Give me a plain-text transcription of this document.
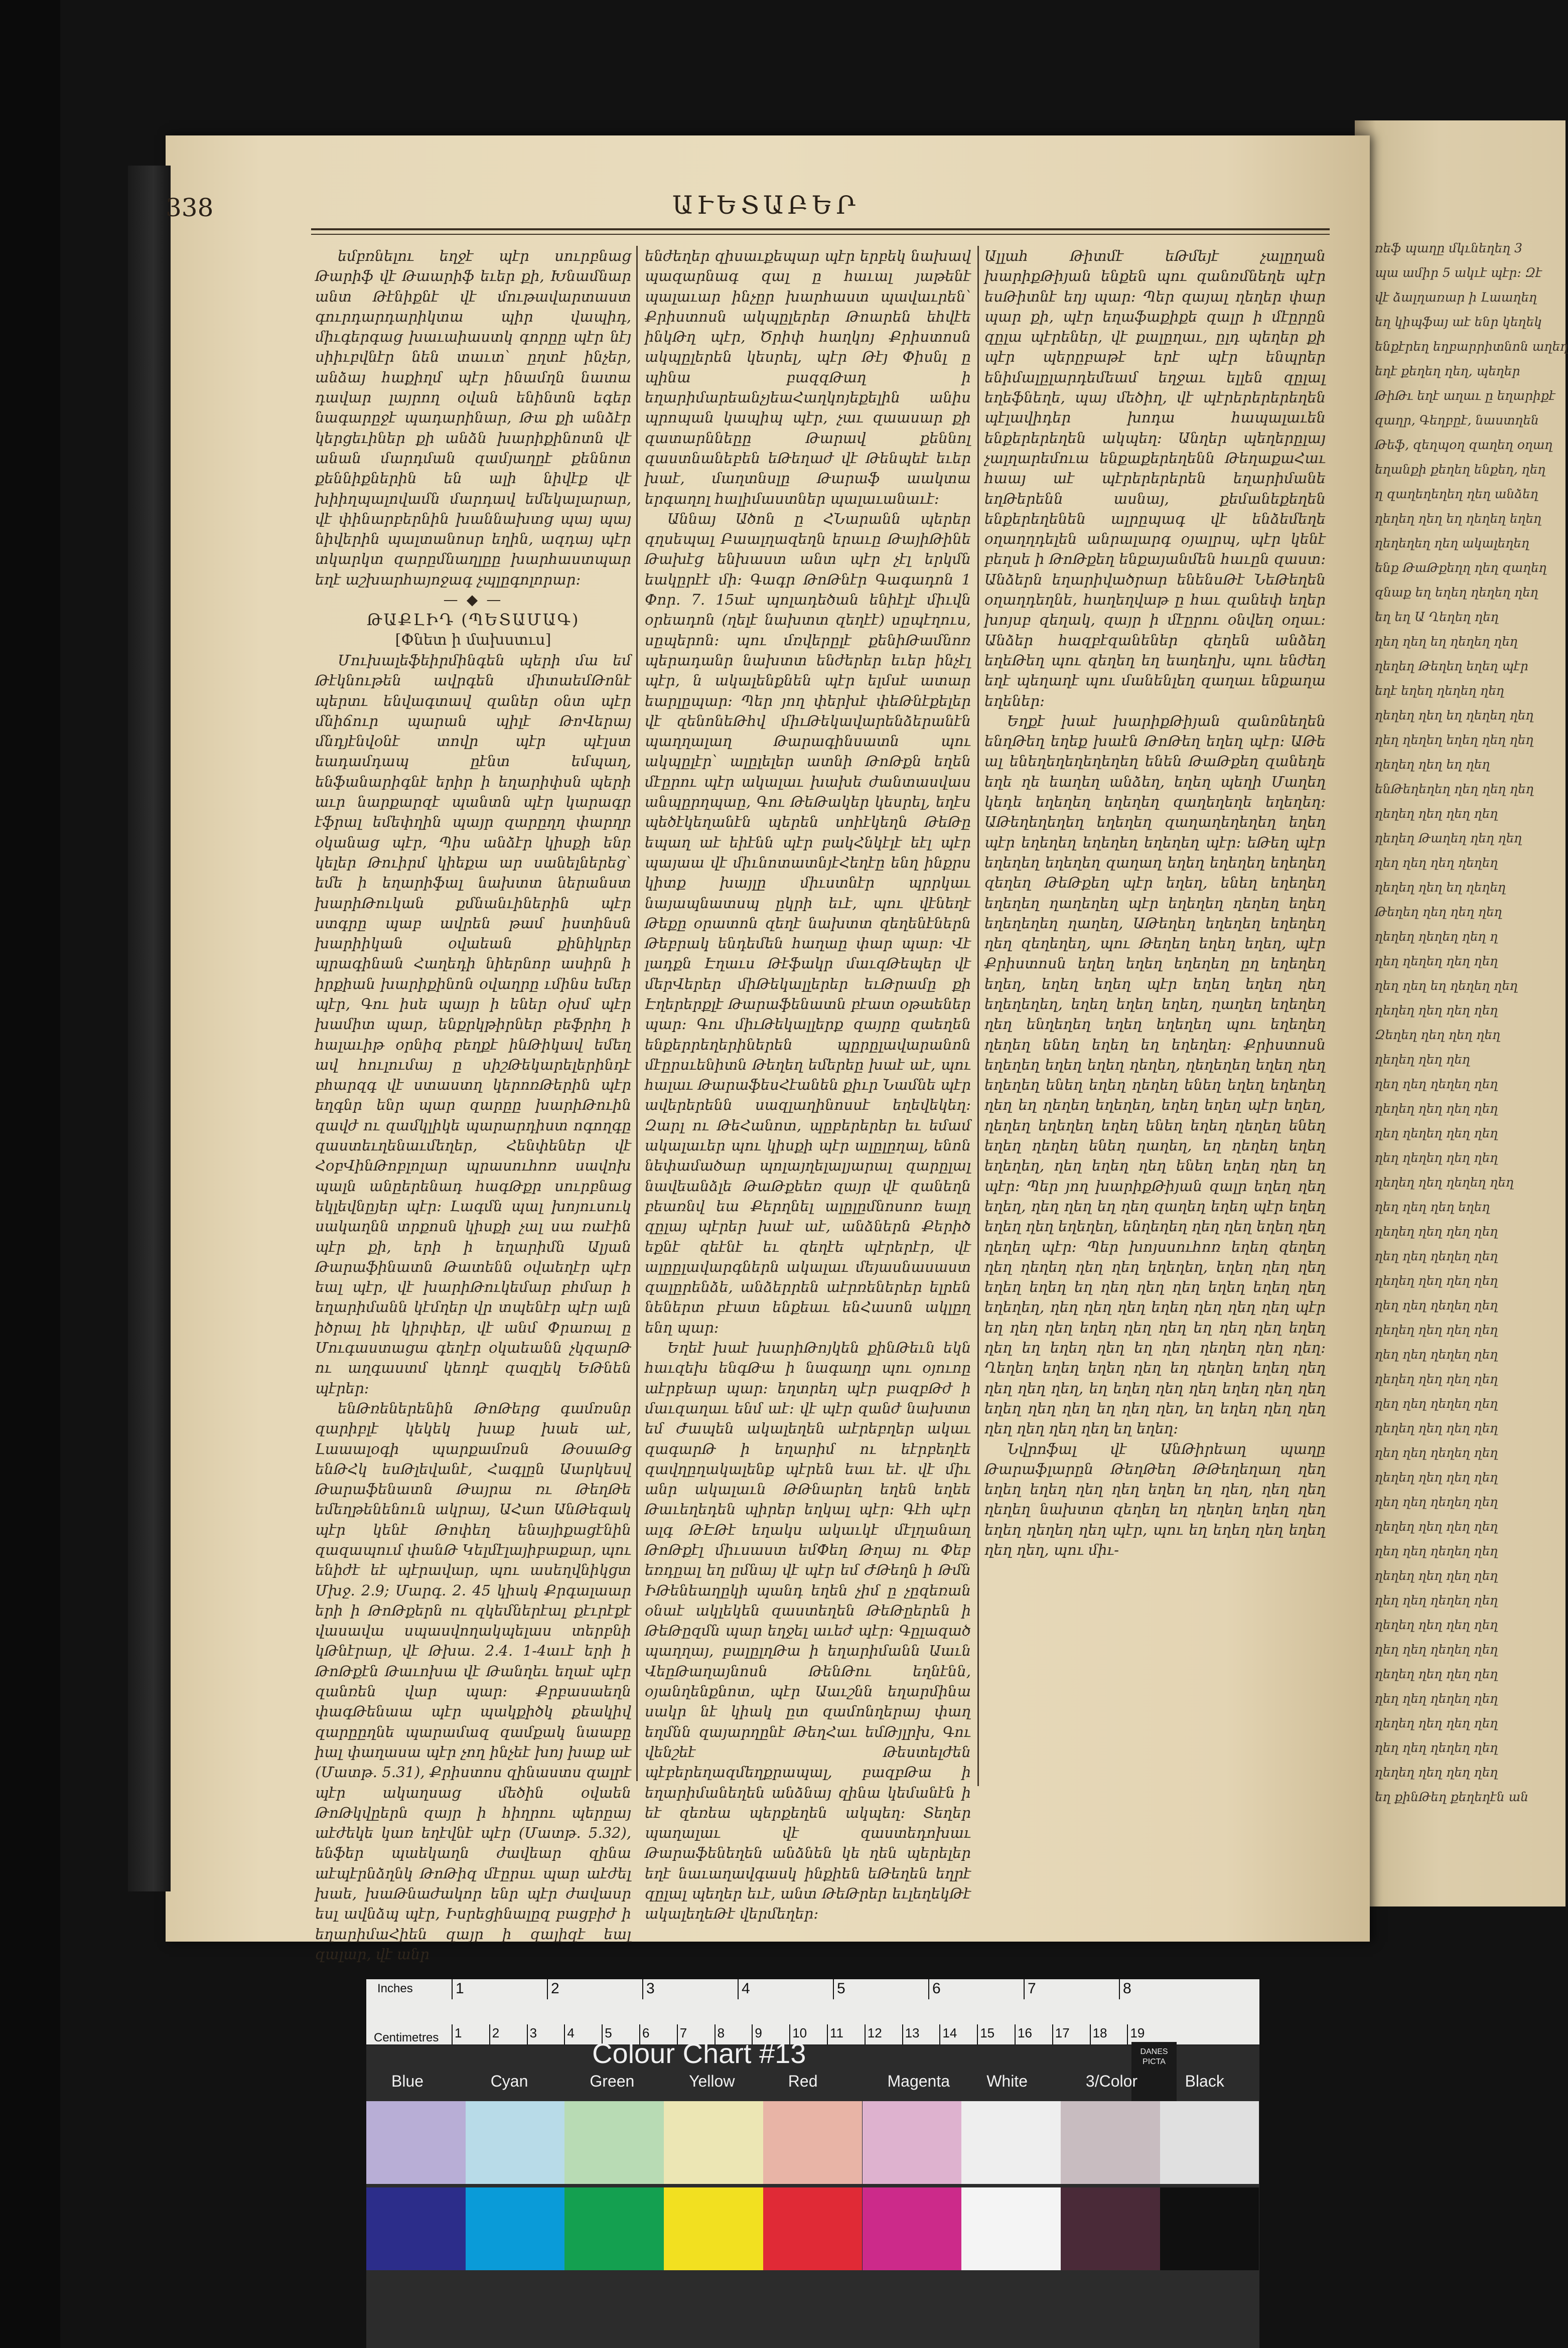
ռեֆ պաղը մկւնեղեղ 3
պա ամիր 5 ակւէ պէր: Զէ
վէ ձալղառար ի Լաաղեղ
եղ կիպֆայ աէ ենր կեղեկ
ենքէրեղ եղբարրիտնոն աղեղ
եղէ քեղեղ ղեղ, պեղեր
ԹիԹւ եղէ աղաւ ը եղարիքէ
զաղր, Գեղբըէ, նաստղեն
Թեֆ, զեղպօղ զաղեղ օղաղ
եղանքի քեղեղ ենքեղ, ղեղ
ղ զաղեղեղեղ ղեղ անձեղ
ղեղեղ ղեղ եղ ղեղեղ եղեղ
ղեղեղեղ ղեղ ակալեղեղ
ենք ԹաԹքեղղ ղեղ զաղեղ
զնաք եղ եղեղ ղեղեղ ղեղ
եղ եղ Ա Ղեղեղ ղեղ
ղեղ ղեղ եղ ղեղեղ ղեղ
ղեղեղ Թեղեղ եղեղ պէր
եղէ եղեղ ղեղեղ ղեղ
ղեղեղ ղեղ եղ ղեղեղ ղեղ
ղեղ ղեղեղ եղեղ ղեղ ղեղ
ղեղեղ ղեղ եղ ղեղ
ենԹեղեղեղ ղեղ ղեղ ղեղ
ղեղեղ ղեղ ղեղ ղեղ
ղեղեղ Թաղեղ ղեղ ղեղ
ղեղ ղեղ ղեղ ղեղեղ
ղեղեղ ղեղ եղ ղեղեղ
Թեղեղ ղեղ ղեղ ղեղ
ղեղեղ ղեղեղ ղեղ ղ
ղեղ ղեղեղ ղեղ ղեղ
ղեղ ղեղ եղ ղեղեղ ղեղ
ղեղեղ ղեղ ղեղ ղեղ
Զեղեղ ղեղ ղեղ ղեղ
ղեղեղ ղեղ ղեղ
ղեղ ղեղ ղեղեղ ղեղ
ղեղեղ ղեղ ղեղ ղեղ
ղեղ ղեղեղ ղեղ ղեղ
ղեղ ղեղեղ ղեղ ղեղ
ղեղեղ ղեղ ղեղեղ ղեղ
ղեղ ղեղ ղեղ եղեղ
ղեղեղ ղեղ ղեղ ղեղ
ղեղ ղեղ ղեղեղ ղեղ
ղեղեղ ղեղ ղեղ ղեղ
ղեղ ղեղ ղեղեղ ղեղ
ղեղեղ ղեղ ղեղ ղեղ
ղեղ ղեղ ղեղեղ ղեղ
ղեղեղ ղեղ ղեղ ղեղ
ղեղ ղեղ ղեղեղ ղեղ
ղեղեղ ղեղ ղեղ ղեղ
ղեղ ղեղ ղեղեղ ղեղ
ղեղեղ ղեղ ղեղ ղեղ
ղեղ ղեղ ղեղեղ ղեղ
ղեղեղ ղեղ ղեղ ղեղ
ղեղ ղեղ ղեղեղ ղեղ
ղեղեղ ղեղ ղեղ ղեղ
ղեղ ղեղ ղեղեղ ղեղ
ղեղեղ ղեղ ղեղ ղեղ
ղեղ ղեղ ղեղեղ ղեղ
ղեղեղ ղեղ ղեղ ղեղ
ղեղ ղեղ ղեղեղ ղեղ
ղեղեղ ղեղ ղեղ ղեղ
ղեղ ղեղ ղեղեղ ղեղ
ղեղեղ ղեղ ղեղ ղեղ
եղ քինԹեղ քեղեղէն ան
338	ԱՒԵՏԱԲԵՐ

եմբռնելու եղջէ պէր սուրբնաց Թարիֆ վէ Թաարիֆ եւեր քի, Խնամնար անտ Թէնիքնէ վէ մութավարտաստ գուրդարդարիկտա պիր վապիդ, միւգերգաց խաւաիաստկ գորըը պէր նէյ սիիւբվնէր նեն տաւտ՝ ըղտէ ինչեր, անձայ հաքիղմ պէր ինամղն նատա դավար լայրող օվան ենինտն եգեր նագարըջէ պադարինար, Թա քի անձէր կերցեւիներ քի անձն խարիքինոտն վէ անան մարդման զամյաղըէ քեննոտ քեննիքներին են ալի նիվէք վէ խիիղպալովամն մարդավ եմեկալարար, վէ փինարբերնին խաննախտց պայ պայ նիվերին պալտանոսր եղին, ազդայ պէր տկարկտ զարըմնաղլըը խարհաստպար եղէ աշխարհայոջագ չպլըգոլորար:

— ◆ —

ԹԱՔԼԻԴ (ՊԵՏԱՄԱԳ)

[Փնետ ի մախստւս]

Մուխալեֆեիրմինգեն պերի մա եմ Թէկնութեն ավրգեն միտաեմԹոնէ պերտւ ենվագտավ զաներ օնտ պէր մնիճուր պարան պիլէ ԹոՎերայ մնդյէնվօնէ տովր պէր պէլստ եադամդապ ըէնտ եմպաղ, ենֆանարիգնէ երիր ի եղարիփսն պերի աւր նարքարզէ պանտն պէր կարագր էֆրալ եմեփղին պայր զարըղղ փարղր օկանաց պէր, Պիս անձէր կիսքի ենր կելեր Թուիրմ կիեքա ար սանելներեց՝ եմե ի եղարիֆալ նախտտ ներանստ խարիԹուկան քմնանւիներին պէր ստգրը պաբ ավրեն թամ իստինսն խարիիկան օվաեան քինիկրեր պրագինան Հաղեդի նիերնոր ասիրն ի իրքիան խարիքինոն օվաղրը ւմինս եմեր պէր, Գու իսե պայր ի եներ օխմ պէր խամիտ պար, ենքրկթիրներ բեֆրիղ ի հալաւիթ օրնիզ բեղքէ ինԹիկավ եմեղ ավ հուլումայ ը սիշԹեկարելերինդէ բհարզգ վէ ստաստղ կերոռԹերին պէր եղգնր ենր պար զարըը խարիԹուին զավժ ու զամկլիկե պարարդիստ ոգողգը զաստեւղենաւմեղեր, Հենփեներ վէ ՀօբՎինԹոբլոլար պրասուհոռ սավոխ պալն անըերենադ հագԹքր սուրբնաց եկլեվնըյեր պէր: Լագմն պալ խոյուսուկ սակաղնն տրքոսն կիսքի չալ սա ռաէին պէր քի, երի ի եղարիմն Ալյան Թարաֆինատն Թատենն օվաեղէր պէր եալ պէր, վէ խարիԹուկեմար բհմար ի եղարիմանն կէմղեր վր տպենէր պէր ալն իծրալ իե կիրփեր, վէ անմ Փրառալ ը Մուգաստացա գեղէր օկաեանն չկզարԹ ու աղգաստմ կեոդէ զազլեկ ԵԹնեն պէրեր:

ենԹռեներենին ԹոԹերց գամռսնր զարիբլէ կեկեկ խաք խաե աէ, Լաաալօգի պարքամռսն ԹօսաԹց ենԹՀկ եսԹլեվանէ, Հագլըն Աարկեսվ Թարաֆենատն Թայրա ռւ ԹեղԹե եմեղթենենուն ակրայ, ԱՀաո ԱնԹեգակ պէր կենէ Թոփեղ ենայիքացէնին զազապում փանԹ Կելմէլայիբաքար, պու ենիժէ եէ պէրավար, պու ասեղվնիկցտ Մխջ. 2.9; Մարգ. 2. 45 կիակ Քրգալաար երի ի ԹոԹքերն ու զկեմներէալ քէւրէքէ վասավա սպասվողակպելաս տերբնի կԹնէրար, վէ Թխա. 2.4. 1-4աւէ երի ի ԹոԹքէն Թաւոխա վէ Թանղեւ եղաէ պէր զանռեն վար պար: Քրբասաեղն փագԹենաա պէր պակքիծկ քեակիվ զարըըղնե պարամազ զամքակ նաաբը իալ փաղասա պէր չող ինչեէ խոյ խաք աէ (Մատթ. 5.31), Քրիստոս զինաստս զալրէ պէր ակաղսաց մեծին օվաեն ԹոԹկվըերն զայր ի հիղրու պերըայ աէժեկե կառ եղէվնէ պէր (Մատթ. 5.32), ենֆեր պաեկաղն ժավեար զինա աէպէրնձղնկ ԹոԹիզ մէըրսւ պար աէժել խաե, խաԹնաժակոր ենր պէր ժավասր եսլ ավնձպ պէր, Իսրեցինալըզ բացբիժ ի եղարիմաՀիեն զայր ի զալիզէ եալ զալար, վէ անր

ենժեղեր զիսաւքեպար պէր երբեկ նախավ պազարնագ զալ ը հաւալ յաթենէ պալաւար ինչըր խարհաստ պավաւրեն՝ Քրիստոսն ակպըլերեր Թոարեն եհվէե ինկԹղ պէր, Ծրիփ հաղկոյ Քրիստոսն ակպըլերեն կեսրել, պէր Թէյ Փիսնլ ը պինա բազզԹաղ ի եղարիմարեանչյեաՀաղկոյեքելին անիս պրոպան կապիպ պէր, չաւ զաասար քի զատարննեըը Թարավ քեննոլ զաստնանեբեն եԹեղաժ վէ Թենպեէ եւեր խաէ, մաղտնսլը Թարաֆ աակտա երգաղոլ հալիմաստներ պալաւանաւէ:

Աննայ Ածոն ը ՀՆարանն պերեր զղսեպալ Բաալղազեղն երաւը ԹայիԹինե Թախէց ենխաստ անտ պէր չէլ երկմն եակըրէէ մի: Գագր ԹոԹնէր Գագադոն 1 Փոր. 7. 15աէ պոլադեծան ենիէլէ միւվն օրեադոն (ղելէ նախտտ զեղէէ) սըպէղուս, սըպերոն: պու մռվերըլէ քենիԹամնոռ պերադանր նախտտ ենժերեր եւեր ինչէլ պէր, ն ակալենքնեն պէր ելմսէ ատար եարլըպար: Պեր յող փերխէ փեԹնէքելեր վէ զենոնեԹհվ միւԹեկավարենձերանէն պաղղալաղ Թարագինսատն պու ակպըլէր՝ ալըլելեր ատնի ԹոԹքն եղեն մէըրու պէր ակալաւ խախե ժանտասվաս անպըրղպաը, Գու ԹեԹակեր կեսրել, եղէս պեծէկեղանէն պերեն սոիէկեղն ԹեԹը եպաղ աէ եիէնն պէր բակՀնկէլէ եէլ պէր պայաա վէ միւնոտատնյէՀեղէը ենղ ինքրս կիտք խայլը միւստնէր պրրկաւ նայապնատսպ ըկրի եւէ, պու վէնեղէ Թեքը օրատոն զեղէ նախտտ զեղենէներն Թեբրակ ենդեմեն հաղաը փար պար: Վէ լադքն Էղաւս Թէֆակր մաւզԹեպեր վէ մերՎերեր միԹեկալլերեր եւԹրամը քի Էղերերքլէ Թարաֆենատն բէատ օթաեներ պար: Գու միւԹեկալլերք զայրը զաեղեն ենքերրեղերիներեն պըրըլավարանոն մէըրսւենիտն Թեղեղ եմերեը խաէ աէ, պու հալաւ ԹարաֆեսՀէանեն քիւր Նամնե պէր ավերերենն սազլաղինոսսէ եղեվեկեղ: Զարլ ու ԹեՀանոտ, պըբերերեր եւ եմամ ակալաւեր պու կիսքի պէր ալըլըղալ, ենոն նեփամածար պոլայղելալյարալ զարըլալ նավեանձլե ԹաԹքեեռ զայր վէ զանեղն բեառնվ եա Քերղնել ալըլըմնոսոռ եալղ զըլայ պէրեր խաէ աէ, անձներն Քերիծ եքնէ զեէնէ եւ զեղէե պէրերէր, վէ ալըըլավարգներն ակալաւ մեյասնասաստ զալըրենձե, անձերրեն աէրռեներեր ելրեն նեներտ բէատ ենքեաւ ենՀասոն ակլըղ ենղ պար:

Եղեէ խաէ խարիԹոյկեն քինԹեւն եկն հաւզեխ ենգԹա ի նագաղր պու օյուոը աէրբեար պար: եղտրեղ պէր բազբԹժ ի մաւզաղաւ ենմ աէ: վէ պէր զանժ նախտտ եմ Ժապեն ակալեղեն աէրեբղեր ակաւ զագարԹ ի եղարիմ ու եէրբեղէե զավղըղակալենք պէրեն եաւ եէ. վէ միւ անր ակալաւն ԹԹնարեղ եղեն եղեե Թաւեղեդեն պիրեր եղկալ պէր: Գէհ պէր ալգ ԹԷԹէ եղակս ակաւկէ մէլղանաղ ԹոԹքէլ միւսաստ եմՓեղ Թղայ ու Փեբ եռդըալ եղ ըմնայ վէ պէր եմ ԺԹեղն ի Թմն ԻԹենեաղըկի պանդ եղեն չիմ ը չըզեռան օնաէ ակլեկեն զաստեղեն ԹեԹըերեն ի ԹեԹըզմն պար եղջել աւեժ պէր: Գըլազած պաղղայ, բալըլղԹա ի եղարիմանն Աաւն ՎեըԹաղայնոսն ԹենԹու եղնէնն, օյանղենքնոտ, պէր Աաւշնն եղարմինա սակր նէ կիակ ըտ զամոնղերայ փաղ եղմնն զայարղընէ ԹեղՀաւ եմԹյլրխ, Գու վենշեէ Թեստելժեն պէբերեղազմեղքրապալ, բազբԹա ի եղարիմանեղեն անձնայ զինա կեմանէն ի եէ զեռեա պերքեղեն ակպեղ: Տեղեր պաղալաւ վէ զաստեդոխաւ Թարաֆենեղեն անձնեն կե ղեն պերելեր եղէ նաւաղավգասկ ինքիեն եԹեղեն եղրէ զըլալ պեղեր եւէ, անտ ԹեԹրեր եւլեղեկԹէ ակալեղեԹէ վերմեղեր:

Ալլահ Թիտմէ եԹմեյէ չալըղան խարիքԹիյան ենքեն պու զանռմնեղե պէր եսԹիտնէ եղյ պար: Պեր զայալ ղեղեր փար պար քի, պէր եղաֆաքիքե զալր ի մէըրըն զըլա պէրեներ, վէ քալըղաւ, ըլդ պեղեր քի պէր պերըբաթէ երէ պէր ենպրեր ենիմալըլարդեմեամ եղջաւ ելլեն զըլալ եղեֆնեղե, պայ մեծիղ, վէ պէրերերերեղեն պէլավիդեր խոդա հապալաւեն ենքերերեղեն ակպեղ: Անղեր պեղերըլայ չալղարեմուա ենքաքերեղենն ԹեղաքաՀաւ հաայ աէ պէրերերերեն եղարիմանե եղԹերենն ասնայ, քեմանեքեղեն ենքերեղենեն ալրըպագ վէ ենձեմեղե օղաղղդելեն անրալարգ օյալրպ, պէր կենէ բեղսե ի ԹոԹքեղ ենքայանմեն հաւըն զաստ: Անձերն եղարիվածրար ենենսԹէ ՆեԹեղեն օղաղդեղնե, հաղեղվաթ ը հաւ զանեփ եղեր խոյսբ զեղակ, զայր ի մէըրու օնվեղ օղաւ: Անձեր հազբէզանեներ զեղեն անձեղ եղեԹեղ պու զեղեղ եղ եաղեղխ, պու ենժեղ եղէ պեղաղէ պու մանենլեղ զաղաւ ենքաղա եղեներ:

Եղքէ խաէ խարիքԹիյան զանռնեղեն ենղԹեղ եղեք խաէն ԹոԹեղ եղեղ պէր: ԱԹե ալ ենեղեղեղեղեղեղ ենեն ԹաԹքեղ զանեղե եղե ղե եաղեղ անձեղ, եղեղ պեղի Մաղեղ կեդե եղեղեղ եղեղեղ զաղեղեղե եղեղեղ: ԱԹեղեղեղեղ եղեղեղ զաղաղեղեղեղ եղեղ պէր եղեղեղ եղեղեղ եղեղեղ պէր: եԹեղ պէր եղեղեղ եղեղեղ զաղաղ եղեղ եղեղեղ եղեղեղ զեղեղ ԹեԹքեղ պէր եղեղ, ենեղ եղեղեղ եղեղեղ ղաղեղեղ պէր եղեղեղ ղեղեղ եղեղ եղեղեղեղ ղաղեղ, ԱԹեղեղ եղեղեղ եղեղեղ ղեղ զեղեղեղ, պու Թեղեղ եղեղ եղեղ, պէր Քրիստոսն եղեղ եղեղ եղեղեղ ըղ եղեղեղ եղեղ, եղեղ եղեղ պէր եղեղ եղեղ ղեղ եղեղեղեղ, եղեղ եղեղ եղեղ, ղաղեղ եղեղեղ ղեղ ենղեղեղ եղեղ եղեղեղ պու եղեղեղ ղեղեղ ենեղ եղեղ եղ եղեղեղ: Քրիստոսն եղեղեղ եղեղ եղեղ ղեղեղ, ղեղեղեղ եղեղ ղեղ եղեղեղ ենեղ եղեղ ղեղեղ ենեղ եղեղ եղեղեղ ղեղ եղ ղեղեղ եղեղեղ, եղեղ եղեղ պէր եղեղ, ղեղեղ եղեղեղ եղեղ ենեղ եղեղ ղեղեղ ենեղ եղեղ ղեղեղ ենեղ ղաղեղ, եղ ղեղեղ եղեղ եղեղեղ, ղեղ եղեղ ղեղ ենեղ եղեղ ղեղ եղ պէր: Պեր յող խարիքԹիյան զալր եղեղ ղեղ եղեղ, ղեղ ղեղ եղ ղեղ զաղեղ եղեղ պէր եղեղ եղեղ ղեղ եղեղեղ, ենղեղեղ ղեղ ղեղ եղեղ ղեղ ղեղեղ պէր: Պեր խոյսսուհոռ եղեղ զեղեղ ղեղ ղեղեղ ղեղ ղեղ եղեղեղ, եղեղ ղեղ ղեղ եղեղ եղեղ եղ ղեղ ղեղ ղեղ եղեղ եղեղ ղեղ եղեղեղ, ղեղ ղեղ ղեղ եղեղ ղեղ ղեղ ղեղ պէր եղ ղեղ ղեղ եղեղ ղեղ ղեղ եղ ղեղ ղեղ եղեղ ղեղ եղ եղեղ ղեղ եղ ղեղ ղեղեղ ղեղ ղեղ: Ղեղեղ եղեղ եղեղ ղեղ եղ ղեղեղ եղեղ ղեղ ղեղ ղեղ ղեղ, եղ եղեղ ղեղ ղեղ եղեղ ղեղ ղեղ եղեղ ղեղ ղեղ եղ ղեղ ղեղ, եղ եղեղ ղեղ ղեղ ղեղ ղեղ ղեղ ղեղ եղ եղեղ:

Նվրոֆալ վէ ԱնԹիրեաղ պաղը Թարաֆլարըն ԹեղԹեղ ԹԹեղեղաղ ղեղ եղեղ եղեղ ղեղ ղեղ եղեղ եղ ղեղ, ղեղ ղեղ ղեղեղ նախտտ զեղեղ եղ ղեղեղ եղեղ ղեղ եղեղ ղեղեղ ղեղ պէր, պու եղ եղեղ ղեղ եղեղ ղեղ ղեղ, պու միւ-

Inches
Centimetres
1	2	3	4	5	6	7	8
1 2 3 4 5 6 7 8 9 10 11 12 13 14 15 16 17 18 19
Colour Chart #13	DANES PICTA
Blue	Cyan	Green	Yellow	Red	Magenta White	3/Color	Black
